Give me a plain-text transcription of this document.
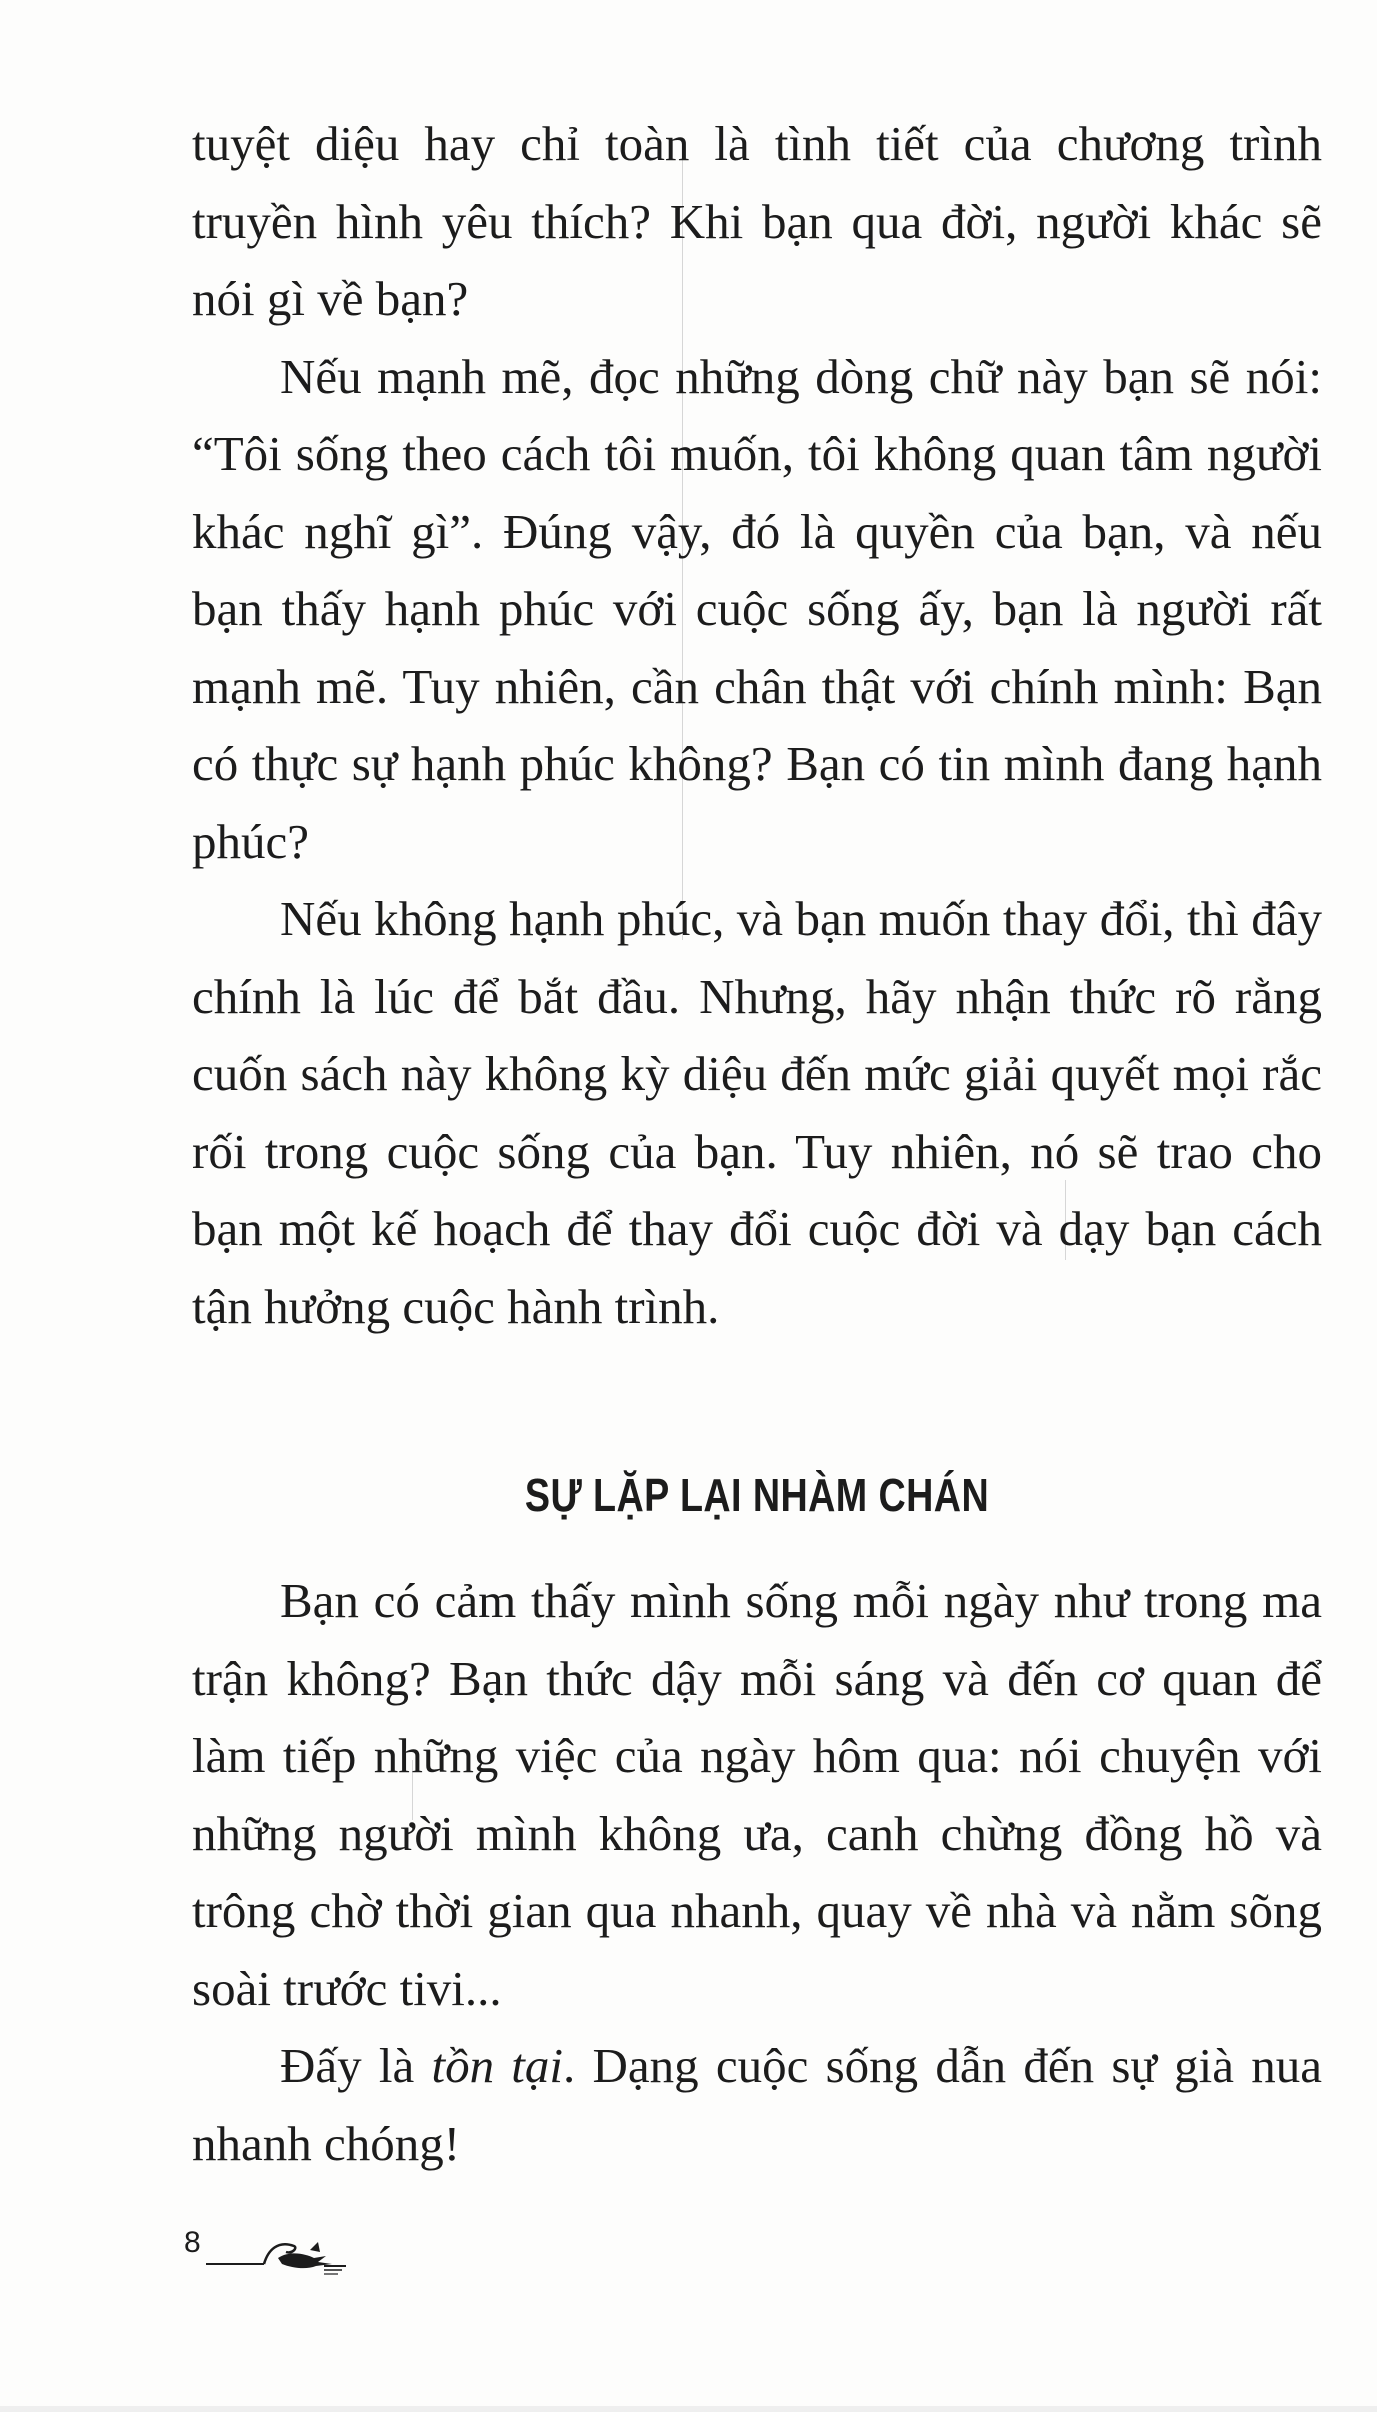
tuyệt diệu hay chỉ toàn là tình tiết của chương trình truyền hình yêu thích? Khi bạn qua đời, người khác sẽ nói gì về bạn?

Nếu mạnh mẽ, đọc những dòng chữ này bạn sẽ nói: “Tôi sống theo cách tôi muốn, tôi không quan tâm người khác nghĩ gì”. Đúng vậy, đó là quyền của bạn, và nếu bạn thấy hạnh phúc với cuộc sống ấy, bạn là người rất mạnh mẽ. Tuy nhiên, cần chân thật với chính mình: Bạn có thực sự hạnh phúc không? Bạn có tin mình đang hạnh phúc?

Nếu không hạnh phúc, và bạn muốn thay đổi, thì đây chính là lúc để bắt đầu. Nhưng, hãy nhận thức rõ rằng cuốn sách này không kỳ diệu đến mức giải quyết mọi rắc rối trong cuộc sống của bạn. Tuy nhiên, nó sẽ trao cho bạn một kế hoạch để thay đổi cuộc đời và dạy bạn cách tận hưởng cuộc hành trình.

SỰ LẶP LẠI NHÀM CHÁN

Bạn có cảm thấy mình sống mỗi ngày như trong ma trận không? Bạn thức dậy mỗi sáng và đến cơ quan để làm tiếp những việc của ngày hôm qua: nói chuyện với những người mình không ưa, canh chừng đồng hồ và trông chờ thời gian qua nhanh, quay về nhà và nằm sõng soài trước tivi...

Đấy là tồn tại. Dạng cuộc sống dẫn đến sự già nua nhanh chóng!

8
